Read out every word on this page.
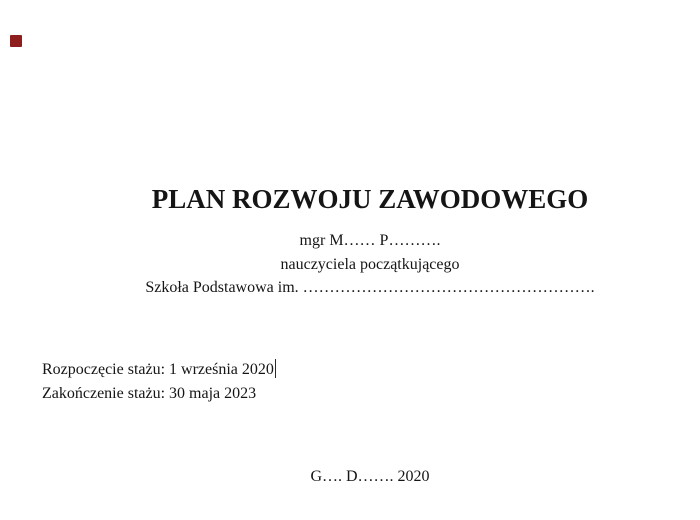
PLAN ROZWOJU ZAWODOWEGO

mgr M…… P……….

nauczyciela początkującego

Szkoła Podstawowa im. ……………………………………………….

Rozpoczęcie stażu: 1 września 2020

Zakończenie stażu: 30 maja 2023

G…. D……. 2020
